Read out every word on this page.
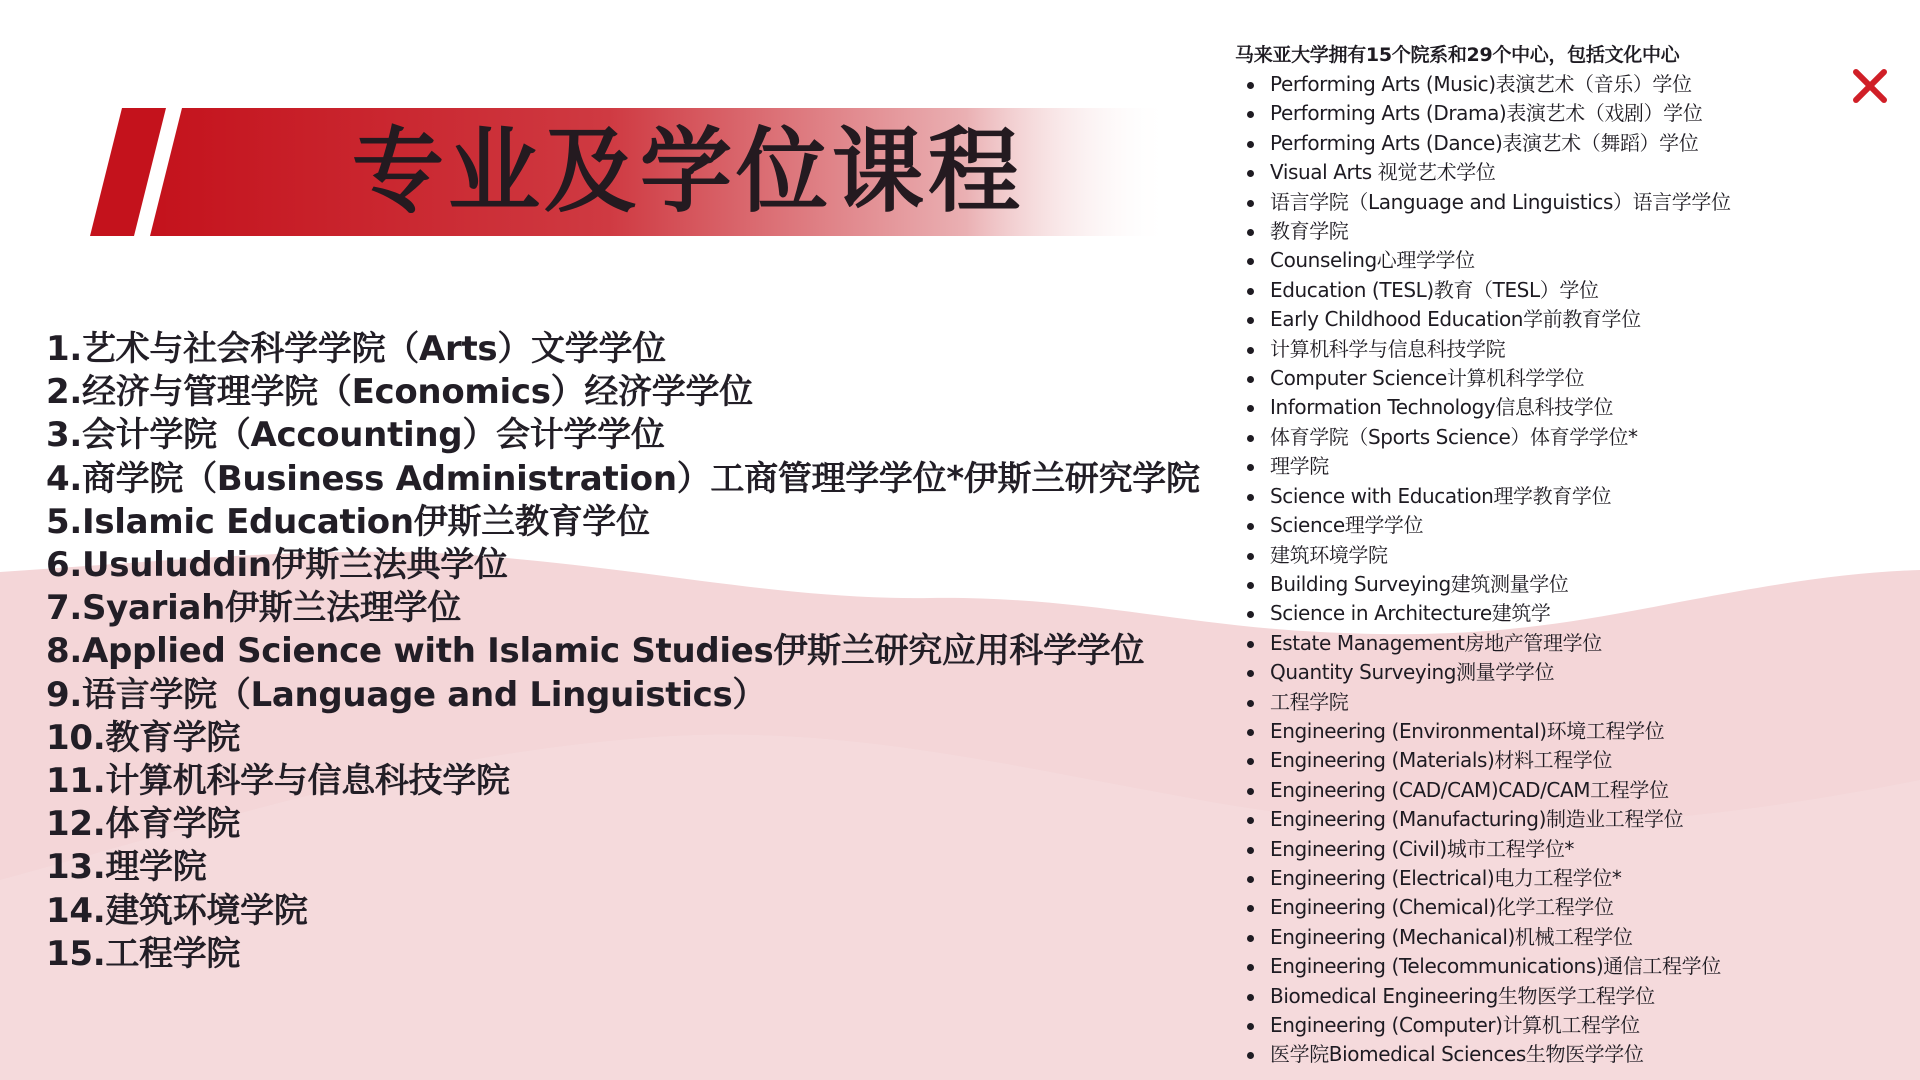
专业及学位课程
1.艺术与社会科学学院（Arts）文学学位
2.经济与管理学院（Economics）经济学学位
3.会计学院（Accounting）会计学学位
4.商学院（Business Administration）工商管理学学位*伊斯兰研究学院
5.Islamic Education伊斯兰教育学位
6.Usuluddin伊斯兰法典学位
7.Syariah伊斯兰法理学位
8.Applied Science with Islamic Studies伊斯兰研究应用科学学位
9.语言学院（Language and Linguistics）
10.教育学院
11.计算机科学与信息科技学院
12.体育学院
13.理学院
14.建筑环境学院
15.工程学院

马来亚大学拥有15个院系和29个中心，包括文化中心

Performing Arts (Music)表演艺术（音乐）学位
Performing Arts (Drama)表演艺术（戏剧）学位
Performing Arts (Dance)表演艺术（舞蹈）学位
Visual Arts 视觉艺术学位
语言学院（Language and Linguistics）语言学学位
教育学院
Counseling心理学学位
Education (TESL)教育（TESL）学位
Early Childhood Education学前教育学位
计算机科学与信息科技学院
Computer Science计算机科学学位
Information Technology信息科技学位
体育学院（Sports Science）体育学学位*
理学院
Science with Education理学教育学位
Science理学学位
建筑环境学院
Building Surveying建筑测量学位
Science in Architecture建筑学
Estate Management房地产管理学位
Quantity Surveying测量学学位
工程学院
Engineering (Environmental)环境工程学位
Engineering (Materials)材料工程学位
Engineering (CAD/CAM)CAD/CAM工程学位
Engineering (Manufacturing)制造业工程学位
Engineering (Civil)城市工程学位*
Engineering (Electrical)电力工程学位*
Engineering (Chemical)化学工程学位
Engineering (Mechanical)机械工程学位
Engineering (Telecommunications)通信工程学位
Biomedical Engineering生物医学工程学位
Engineering (Computer)计算机工程学位
医学院Biomedical Sciences生物医学学位
